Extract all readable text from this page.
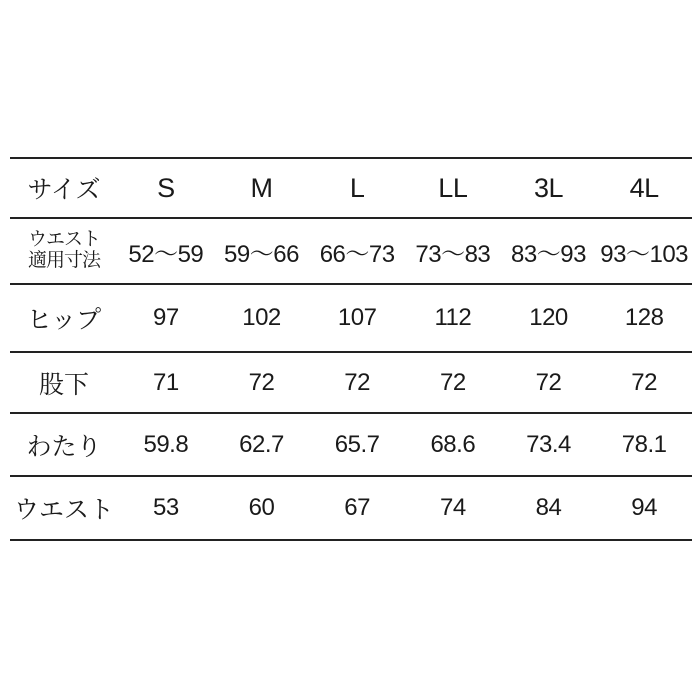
サイズ	S	M	L	LL	3L	4L
ウエスト
適用寸法	52〜59 59〜66 66〜73 73〜83 83〜93 93〜103
ヒップ	97	102	107	112	120	128
股下	71	72	72	72	72	72
わたり	59.8	62.7	65.7	68.6	73.4	78.1
ウエスト	53	60	67	74	84	94
